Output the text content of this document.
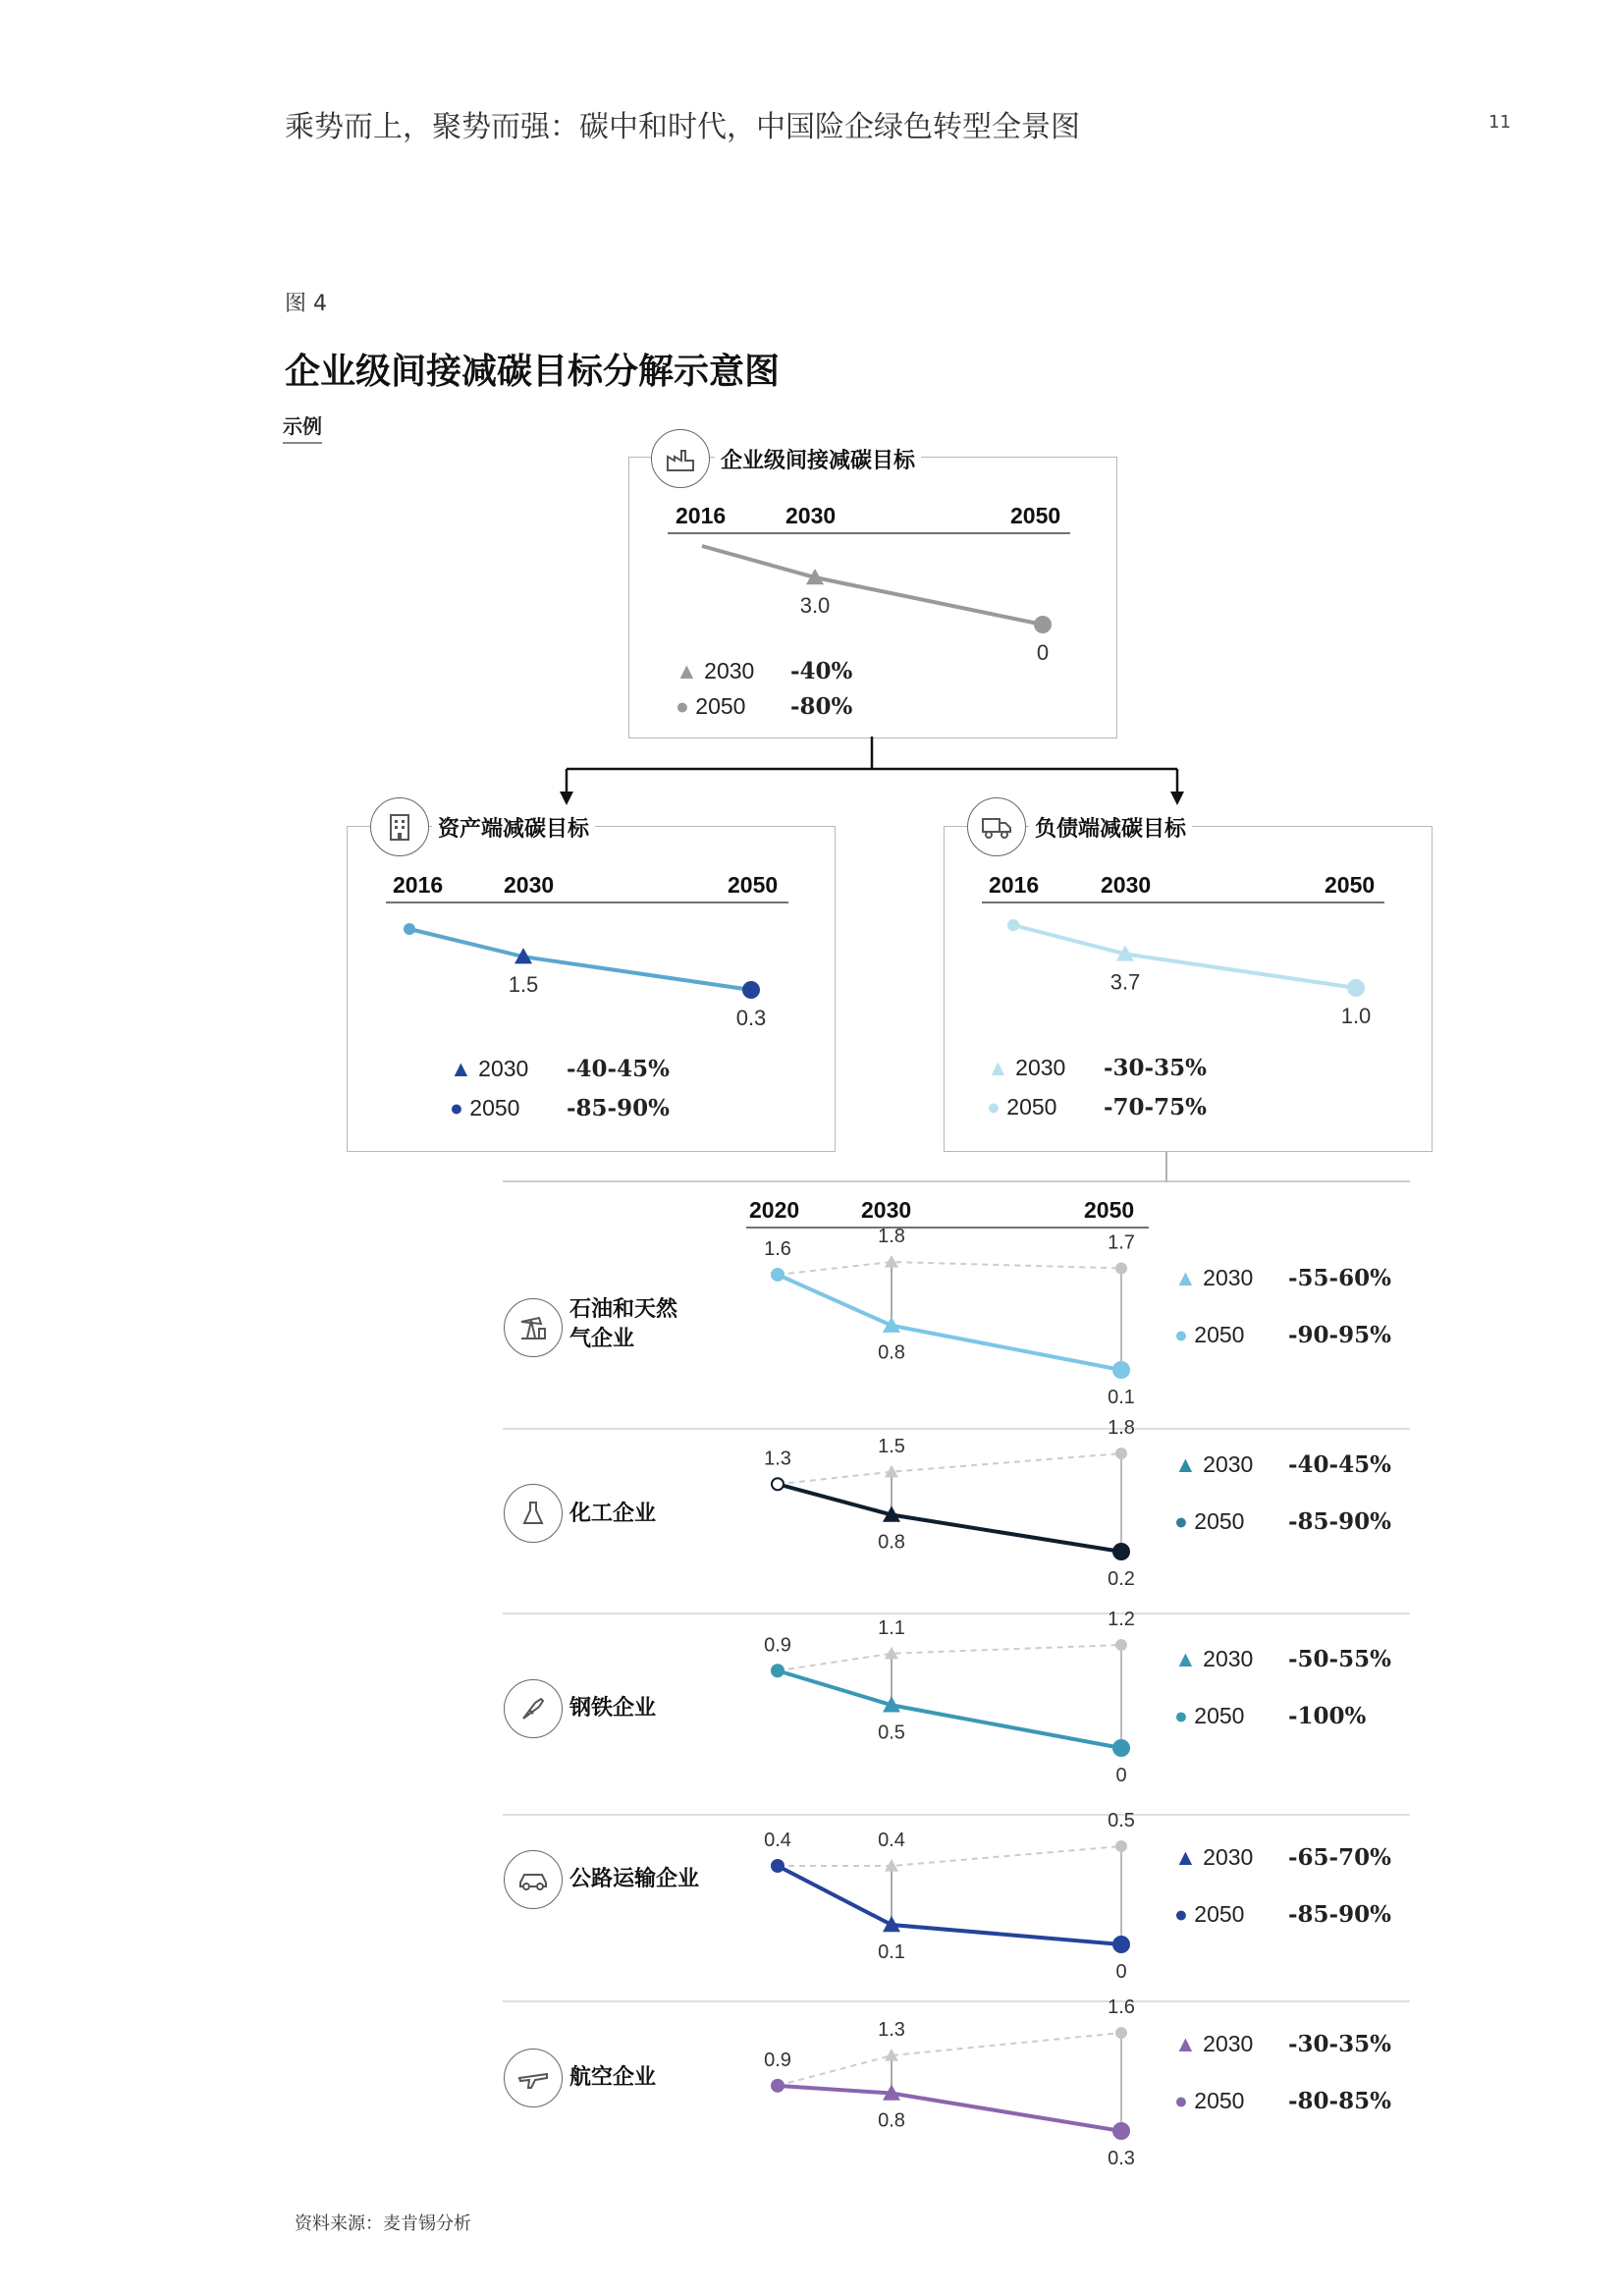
乘势而上，聚势而强：碳中和时代，中国险企绿色转型全景图	11
图 4
企业级间接减碳目标分解示意图
示例
企业级间接减碳目标
2016	2030	2050
3.0
0
▲ 2030 -40%
● 2050 -80%
资产端减碳目标
2016	2030	2050
1.5
0.3
▲ 2030 -40-45%
● 2050 -85-90%
负债端减碳目标
2016	2030	2050
3.7
1.0
▲ 2030 -30-35%
● 2050 -70-75%
2020	2030	2050
1.6
1.8	1.7
0.8
0.1
1.3
1.5
1.8
0.8
0.2
0.9
1.1	1.2
0.5
0
0.4	0.4
0.5
0.1
0
0.9
1.3
1.6
0.8
0.3
石油和天然气企业
化工企业
钢铁企业
公路运输企业
航空企业
▲ 2030 -55-60%
● 2050 -90-95%
▲ 2030 -40-45%
● 2050 -85-90%
▲ 2030 -50-55%
● 2050 -100%
▲ 2030 -65-70%
● 2050 -85-90%
▲ 2030 -30-35%
● 2050 -80-85%
资料来源：麦肯锡分析
